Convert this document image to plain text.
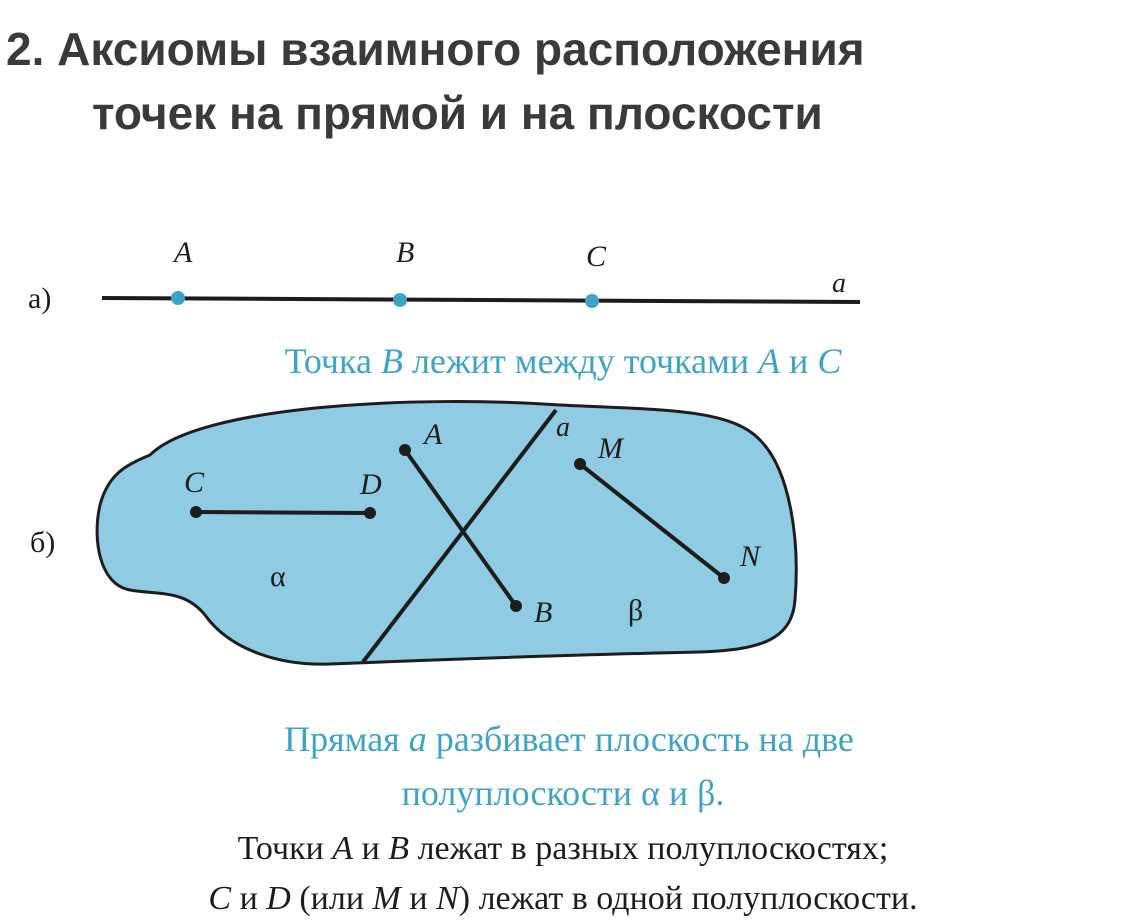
2. Аксиомы взаимного расположения
точек на прямой и на плоскости
а)	a
A	B	C
б)
a
C	D
A
B
M
N
α
β
Точка B лежит между точками A и C
Прямая a разбивает плоскость на две
полуплоскости α и β.
Точки A и B лежат в разных полуплоскостях;
C и D (или M и N) лежат в одной полуплоскости.
